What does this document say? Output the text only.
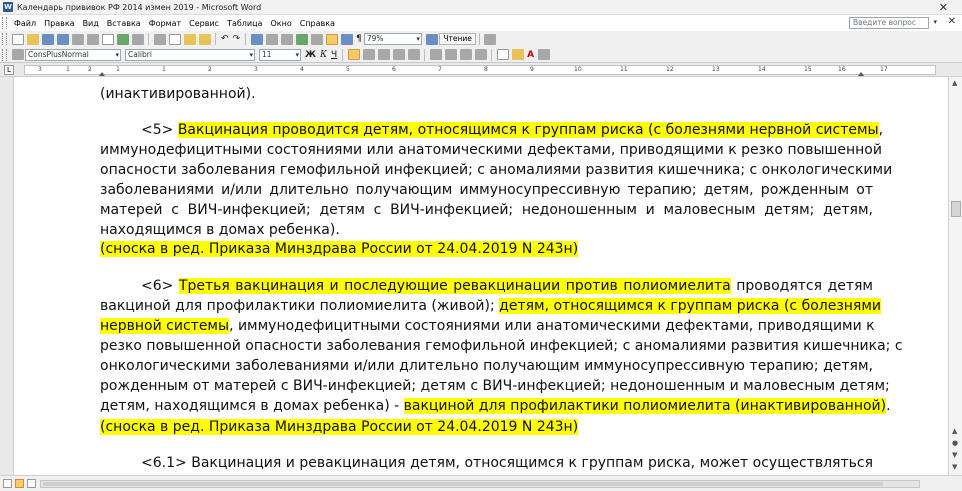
W Календарь прививок РФ 2014 измен 2019 - Microsoft Word	✕
Файл	Правка	Вид	Вставка	Формат	Сервис	Таблица	Окно	Справка	Введите вопрос	▾ ✕
↶ ↷	¶ 79% ▾	Чтение
ConsPlusNormal ▾	Calibri ▾	11 ▾	Ж К Ч	A
L	3	1	2	1	1	2	3	4	5	6	7	8	9	10	11	12	13	14	15	16	17
(инактивированной).
<5> Вакцинация проводится детям, относящимся к группам риска (с болезнями нервной системы,
иммунодефицитными состояниями или анатомическими дефектами, приводящими к резко повышенной
опасности заболевания гемофильной инфекцией; с аномалиями развития кишечника; с онкологическими
заболеваниями и/или длительно получающим иммуносупрессивную терапию; детям, рожденным от
матерей с ВИЧ-инфекцией; детям с ВИЧ-инфекцией; недоношенным и маловесным детям; детям,
находящимся в домах ребенка).
(сноска в ред. Приказа Минздрава России от 24.04.2019 N 243н)
<6> Третья вакцинация и последующие ревакцинации против полиомиелита проводятся детям
вакциной для профилактики полиомиелита (живой); детям, относящимся к группам риска (с болезнями
нервной системы, иммунодефицитными состояниями или анатомическими дефектами, приводящими к
резко повышенной опасности заболевания гемофильной инфекцией; с аномалиями развития кишечника; с
онкологическими заболеваниями и/или длительно получающим иммуносупрессивную терапию; детям,
рожденным от матерей с ВИЧ-инфекцией; детям с ВИЧ-инфекцией; недоношенным и маловесным детям;
детям, находящимся в домах ребенка) - вакциной для профилактики полиомиелита (инактивированной).
(сноска в ред. Приказа Минздрава России от 24.04.2019 N 243н)
<6.1> Вакцинация и ревакцинация детям, относящимся к группам риска, может осуществляться
▲
▲
●
▼
▼
